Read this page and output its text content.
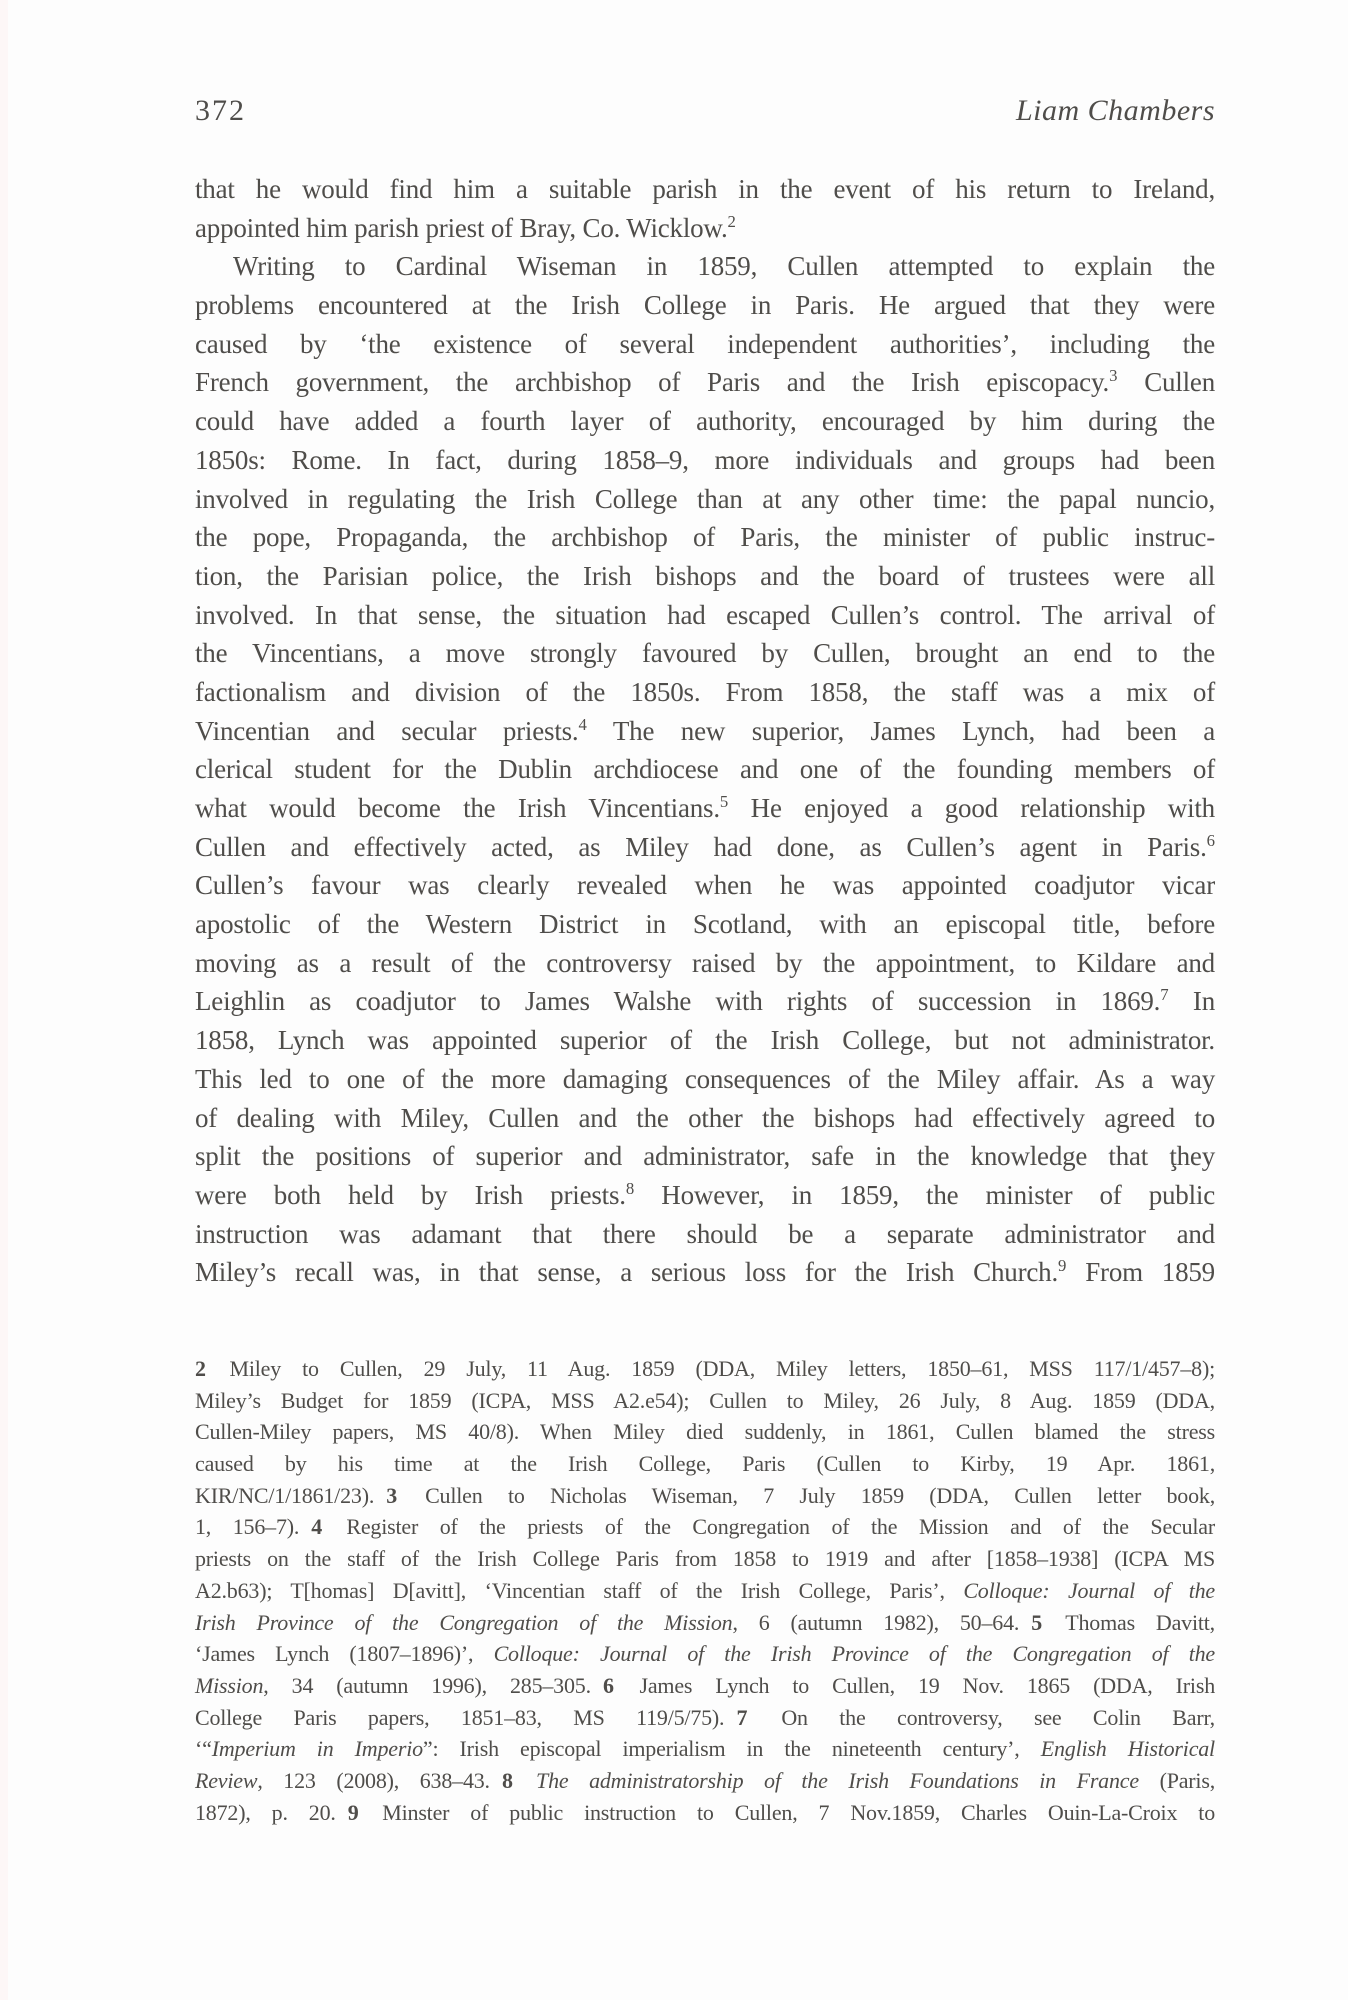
372	Liam Chambers
that he would find him a suitable parish in the event of his return to Ireland,
appointed him parish priest of Bray, Co. Wicklow.$^2$
Writing to Cardinal Wiseman in 1859, Cullen attempted to explain the
problems encountered at the Irish College in Paris. He argued that they were
caused by ‘the existence of several independent authorities’, including the
French government, the archbishop of Paris and the Irish episcopacy.$^3$ Cullen
could have added a fourth layer of authority, encouraged by him during the
1850s: Rome. In fact, during 1858–9, more individuals and groups had been
involved in regulating the Irish College than at any other time: the papal nuncio,
the pope, Propaganda, the archbishop of Paris, the minister of public instruc-
tion, the Parisian police, the Irish bishops and the board of trustees were all
involved. In that sense, the situation had escaped Cullen’s control. The arrival of
the Vincentians, a move strongly favoured by Cullen, brought an end to the
factionalism and division of the 1850s. From 1858, the staff was a mix of
Vincentian and secular priests.$^4$ The new superior, James Lynch, had been a
clerical student for the Dublin archdiocese and one of the founding members of
what would become the Irish Vincentians.$^5$ He enjoyed a good relationship with
Cullen and effectively acted, as Miley had done, as Cullen’s agent in Paris.$^6$
Cullen’s favour was clearly revealed when he was appointed coadjutor vicar
apostolic of the Western District in Scotland, with an episcopal title, before
moving as a result of the controversy raised by the appointment, to Kildare and
Leighlin as coadjutor to James Walshe with rights of succession in 1869.$^7$ In
1858, Lynch was appointed superior of the Irish College, but not administrator.
This led to one of the more damaging consequences of the Miley affair. As a way
of dealing with Miley, Cullen and the other the bishops had effectively agreed to
split the positions of superior and administrator, safe in the knowledge that ţhey
were both held by Irish priests.$^8$ However, in 1859, the minister of public
instruction was adamant that there should be a separate administrator and
Miley’s recall was, in that sense, a serious loss for the Irish Church.$^9$ From 1859
2 Miley to Cullen, 29 July, 11 Aug. 1859 (DDA, Miley letters, 1850–61, MSS 117/1/457–8);
Miley’s Budget for 1859 (ICPA, MSS A2.e54); Cullen to Miley, 26 July, 8 Aug. 1859 (DDA,
Cullen-Miley papers, MS 40/8). When Miley died suddenly, in 1861, Cullen blamed the stress
caused by his time at the Irish College, Paris (Cullen to Kirby, 19 Apr. 1861,
KIR/NC/1/1861/23). 3 Cullen to Nicholas Wiseman, 7 July 1859 (DDA, Cullen letter book,
1, 156–7). 4 Register of the priests of the Congregation of the Mission and of the Secular
priests on the staff of the Irish College Paris from 1858 to 1919 and after [1858–1938] (ICPA MS
A2.b63); T[homas] D[avitt], ‘Vincentian staff of the Irish College, Paris’, Colloque: Journal of the
Irish Province of the Congregation of the Mission, 6 (autumn 1982), 50–64. 5 Thomas Davitt,
‘James Lynch (1807–1896)’, Colloque: Journal of the Irish Province of the Congregation of the
Mission, 34 (autumn 1996), 285–305. 6 James Lynch to Cullen, 19 Nov. 1865 (DDA, Irish
College Paris papers, 1851–83, MS 119/5/75). 7 On the controversy, see Colin Barr,
‘“Imperium in Imperio”: Irish episcopal imperialism in the nineteenth century’, English Historical
Review, 123 (2008), 638–43. 8 The administratorship of the Irish Foundations in France (Paris,
1872), p. 20. 9 Minster of public instruction to Cullen, 7 Nov.1859, Charles Ouin-La-Croix to
